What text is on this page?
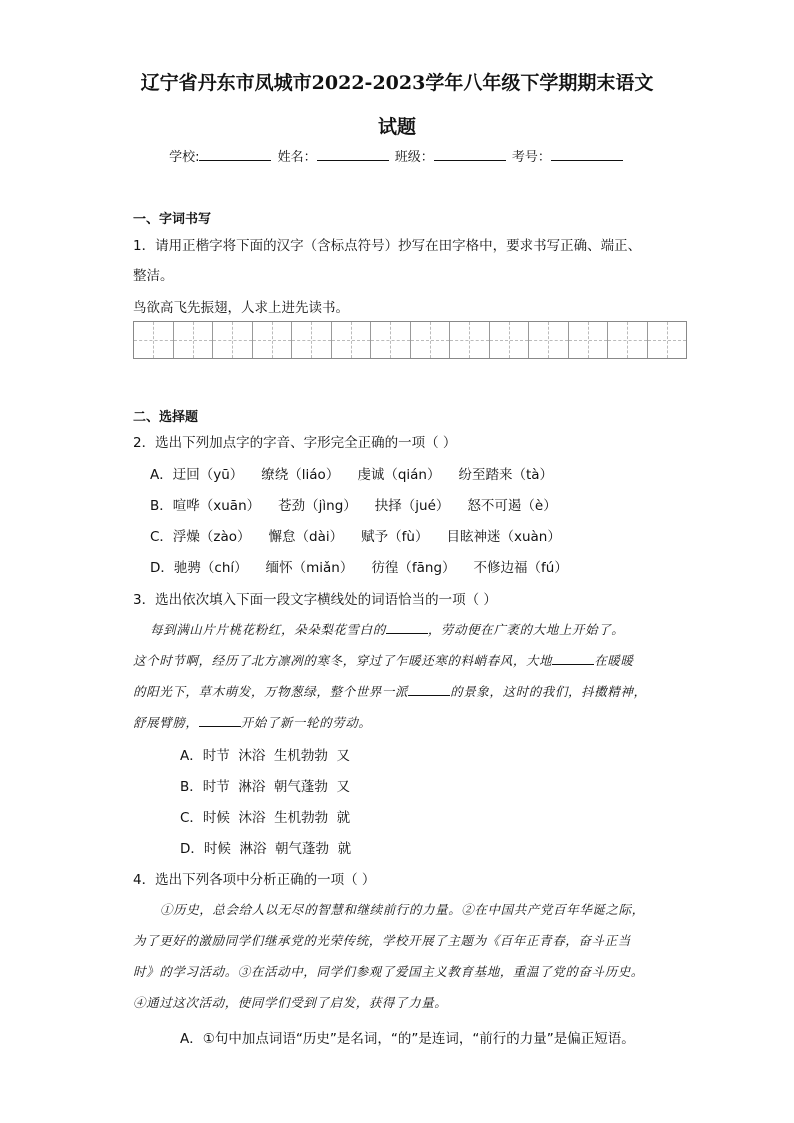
辽宁省丹东市凤城市2022-2023学年八年级下学期期末语文
试题
学校:	姓名：	班级：	考号：
一、字词书写
1．请用正楷字将下面的汉字（含标点符号）抄写在田字格中，要求书写正确、端正、
整洁。
鸟欲高飞先振翅，人求上进先读书。
二、选择题
2．选出下列加点字的字音、字形完全正确的一项（ ）
A．迂回（yū） 缭绕（liáo） 虔诚（qián） 纷至踏来（tà）
B．喧哗（xuān） 苍劲（jìng） 抉择（jué） 怒不可遏（è）
C．浮燥（zào） 懈怠（dài） 赋予（fù） 目眩神迷（xuàn）
D．驰骋（chí） 缅怀（miǎn） 彷徨（fāng） 不修边福（fú）
3．选出依次填入下面一段文字横线处的词语恰当的一项（ ）
每到满山片片桃花粉红，朵朵梨花雪白的	，劳动便在广袤的大地上开始了。
这个时节啊，经历了北方凛冽的寒冬，穿过了乍暖还寒的料峭春风，大地	在暖暖
的阳光下，草木萌发，万物葱绿，整个世界一派	的景象，这时的我们，抖擞精神，
舒展臂膀，	开始了新一轮的劳动。
A．时节  沐浴  生机勃勃  又
B．时节  淋浴  朝气蓬勃  又
C．时候  沐浴  生机勃勃  就
D．时候  淋浴  朝气蓬勃  就
4．选出下列各项中分析正确的一项（ ）
①历史，总会给人以无尽的智慧和继续前行的力量。②在中国共产党百年华诞之际，
为了更好的激励同学们继承党的光荣传统，学校开展了主题为《百年正青春，奋斗正当
时》的学习活动。③在活动中，同学们参观了爱国主义教育基地，重温了党的奋斗历史。
④通过这次活动，使同学们受到了启发，获得了力量。
A．①句中加点词语“历史”是名词，“的”是连词，“前行的力量”是偏正短语。
